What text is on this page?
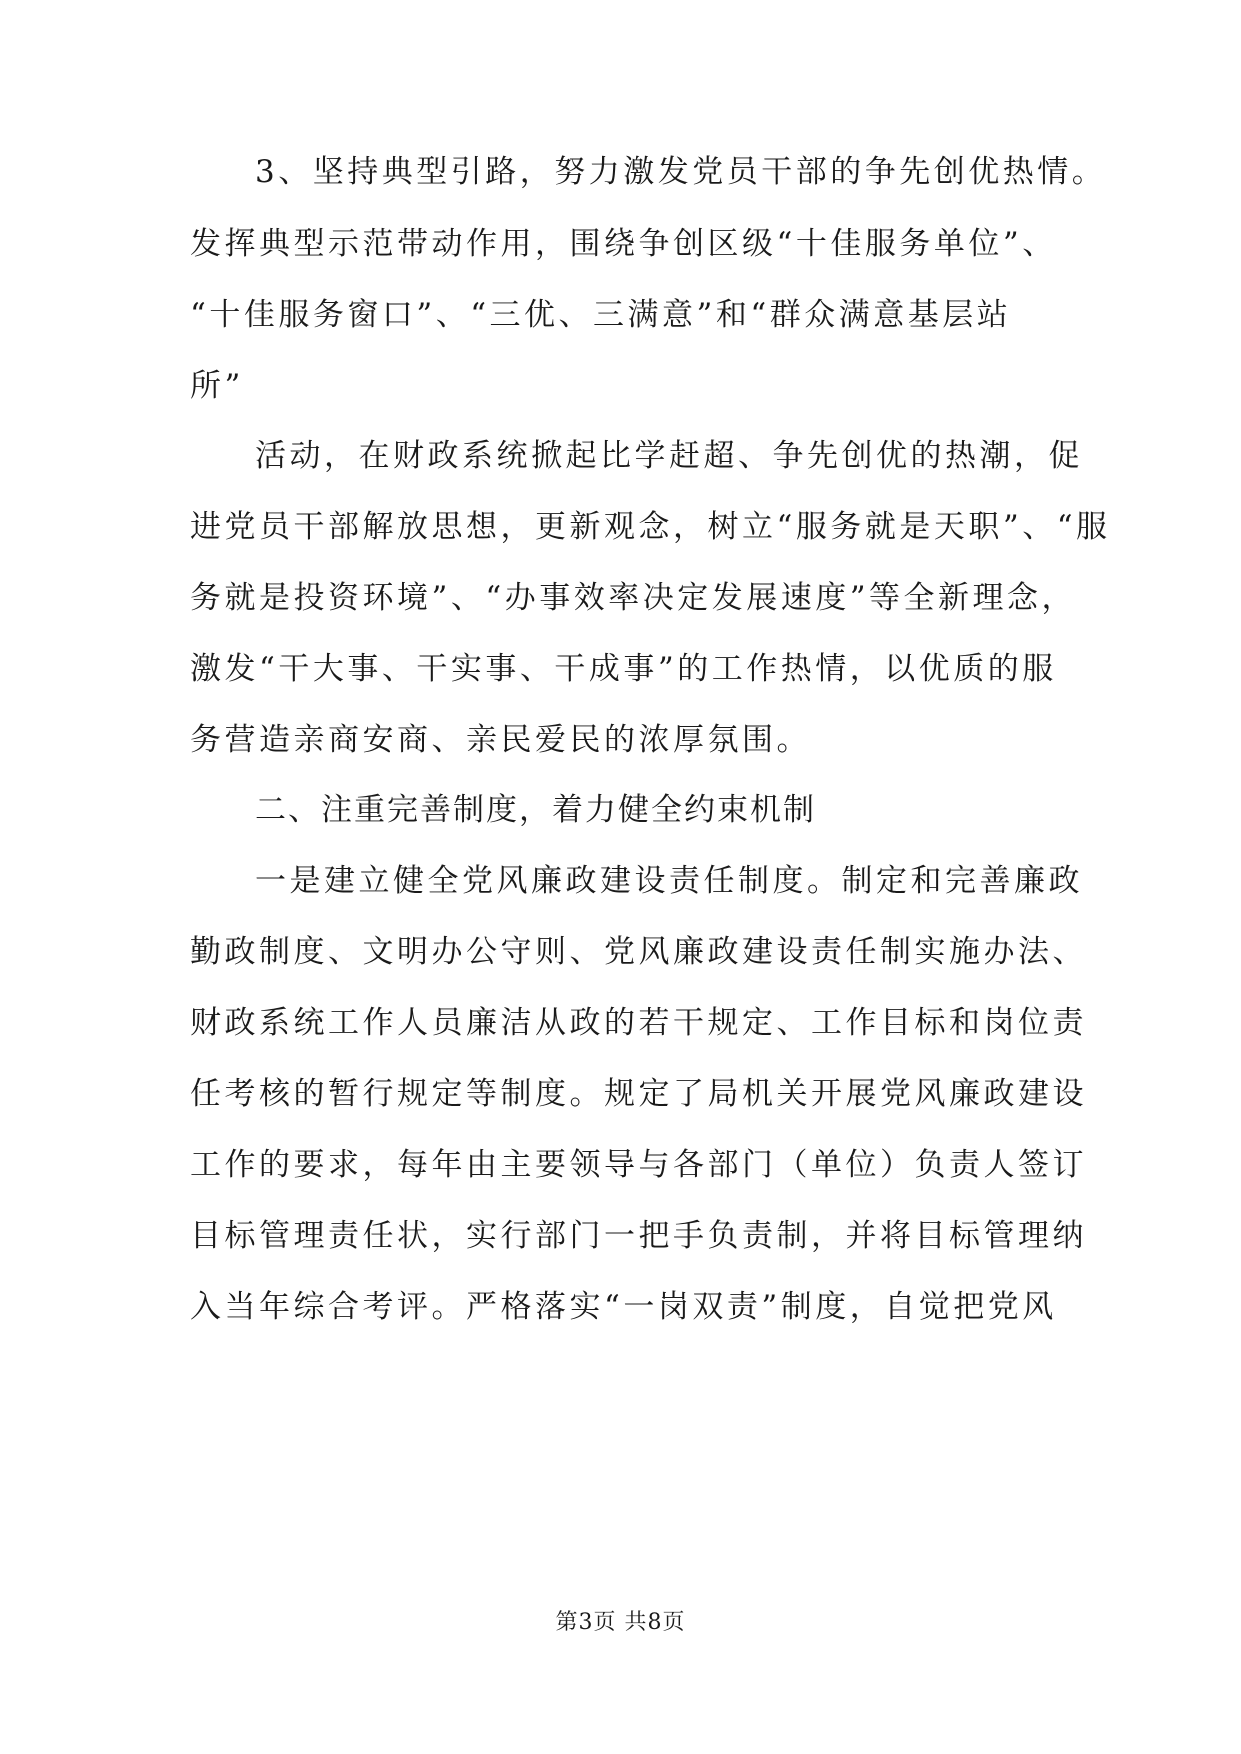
3、坚持典型引路，努力激发党员干部的争先创优热情。
发挥典型示范带动作用，围绕争创区级“十佳服务单位”、
“十佳服务窗口”、“三优、三满意”和“群众满意基层站
所”
活动，在财政系统掀起比学赶超、争先创优的热潮，促
进党员干部解放思想，更新观念，树立“服务就是天职”、“服
务就是投资环境”、“办事效率决定发展速度”等全新理念，
激发“干大事、干实事、干成事”的工作热情，以优质的服
务营造亲商安商、亲民爱民的浓厚氛围。
二、注重完善制度，着力健全约束机制
一是建立健全党风廉政建设责任制度。制定和完善廉政
勤政制度、文明办公守则、党风廉政建设责任制实施办法、
财政系统工作人员廉洁从政的若干规定、工作目标和岗位责
任考核的暂行规定等制度。规定了局机关开展党风廉政建设
工作的要求，每年由主要领导与各部门（单位）负责人签订
目标管理责任状，实行部门一把手负责制，并将目标管理纳
入当年综合考评。严格落实“一岗双责”制度，自觉把党风
第3页 共8页
